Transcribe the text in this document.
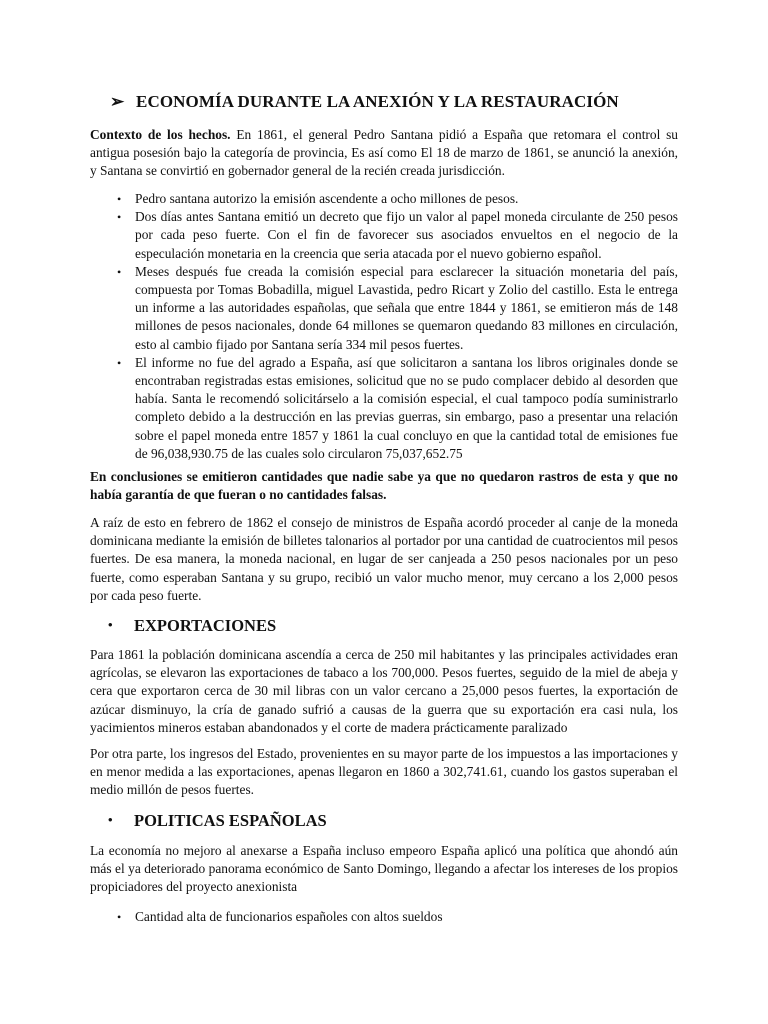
➢ ECONOMÍA DURANTE LA ANEXIÓN Y LA RESTAURACIÓN

Contexto de los hechos. En 1861, el general Pedro Santana pidió a España que retomara el control su antigua posesión bajo la categoría de provincia, Es así como El 18 de marzo de 1861, se anunció la anexión, y Santana se convirtió en gobernador general de la recién creada jurisdicción.

• Pedro santana autorizo la emisión ascendente a ocho millones de pesos.
• Dos días antes Santana emitió un decreto que fijo un valor al papel moneda circulante de 250 pesos por cada peso fuerte. Con el fin de favorecer sus asociados envueltos en el negocio de la especulación monetaria en la creencia que seria atacada por el nuevo gobierno español.
• Meses después fue creada la comisión especial para esclarecer la situación monetaria del país, compuesta por Tomas Bobadilla, miguel Lavastida, pedro Ricart y Zolio del castillo. Esta le entrega un informe a las autoridades españolas, que señala que entre 1844 y 1861, se emitieron más de 148 millones de pesos nacionales, donde 64 millones se quemaron quedando 83 millones en circulación, esto al cambio fijado por Santana sería 334 mil pesos fuertes.
• El informe no fue del agrado a España, así que solicitaron a santana los libros originales donde se encontraban registradas estas emisiones, solicitud que no se pudo complacer debido al desorden que había. Santa le recomendó solicitárselo a la comisión especial, el cual tampoco podía suministrarlo completo debido a la destrucción en las previas guerras, sin embargo, paso a presentar una relación sobre el papel moneda entre 1857 y 1861 la cual concluyo en que la cantidad total de emisiones fue de 96,038,930.75 de las cuales solo circularon 75,037,652.75

En conclusiones se emitieron cantidades que nadie sabe ya que no quedaron rastros de esta y que no había garantía de que fueran o no cantidades falsas.

A raíz de esto en febrero de 1862 el consejo de ministros de España acordó proceder al canje de la moneda dominicana mediante la emisión de billetes talonarios al portador por una cantidad de cuatrocientos mil pesos fuertes. De esa manera, la moneda nacional, en lugar de ser canjeada a 250 pesos nacionales por un peso fuerte, como esperaban Santana y su grupo, recibió un valor mucho menor, muy cercano a los 2,000 pesos por cada peso fuerte.

• EXPORTACIONES

Para 1861 la población dominicana ascendía a cerca de 250 mil habitantes y las principales actividades eran agrícolas, se elevaron las exportaciones de tabaco a los 700,000. Pesos fuertes, seguido de la miel de abeja y cera que exportaron cerca de 30 mil libras con un valor cercano a 25,000 pesos fuertes, la exportación de azúcar disminuyo, la cría de ganado sufrió a causas de la guerra que su exportación era casi nula, los yacimientos mineros estaban abandonados y el corte de madera prácticamente paralizado

Por otra parte, los ingresos del Estado, provenientes en su mayor parte de los impuestos a las importaciones y en menor medida a las exportaciones, apenas llegaron en 1860 a 302,741.61, cuando los gastos superaban el medio millón de pesos fuertes.

• POLITICAS ESPAÑOLAS

La economía no mejoro al anexarse a España incluso empeoro España aplicó una política que ahondó aún más el ya deteriorado panorama económico de Santo Domingo, llegando a afectar los intereses de los propios propiciadores del proyecto anexionista

• Cantidad alta de funcionarios españoles con altos sueldos
